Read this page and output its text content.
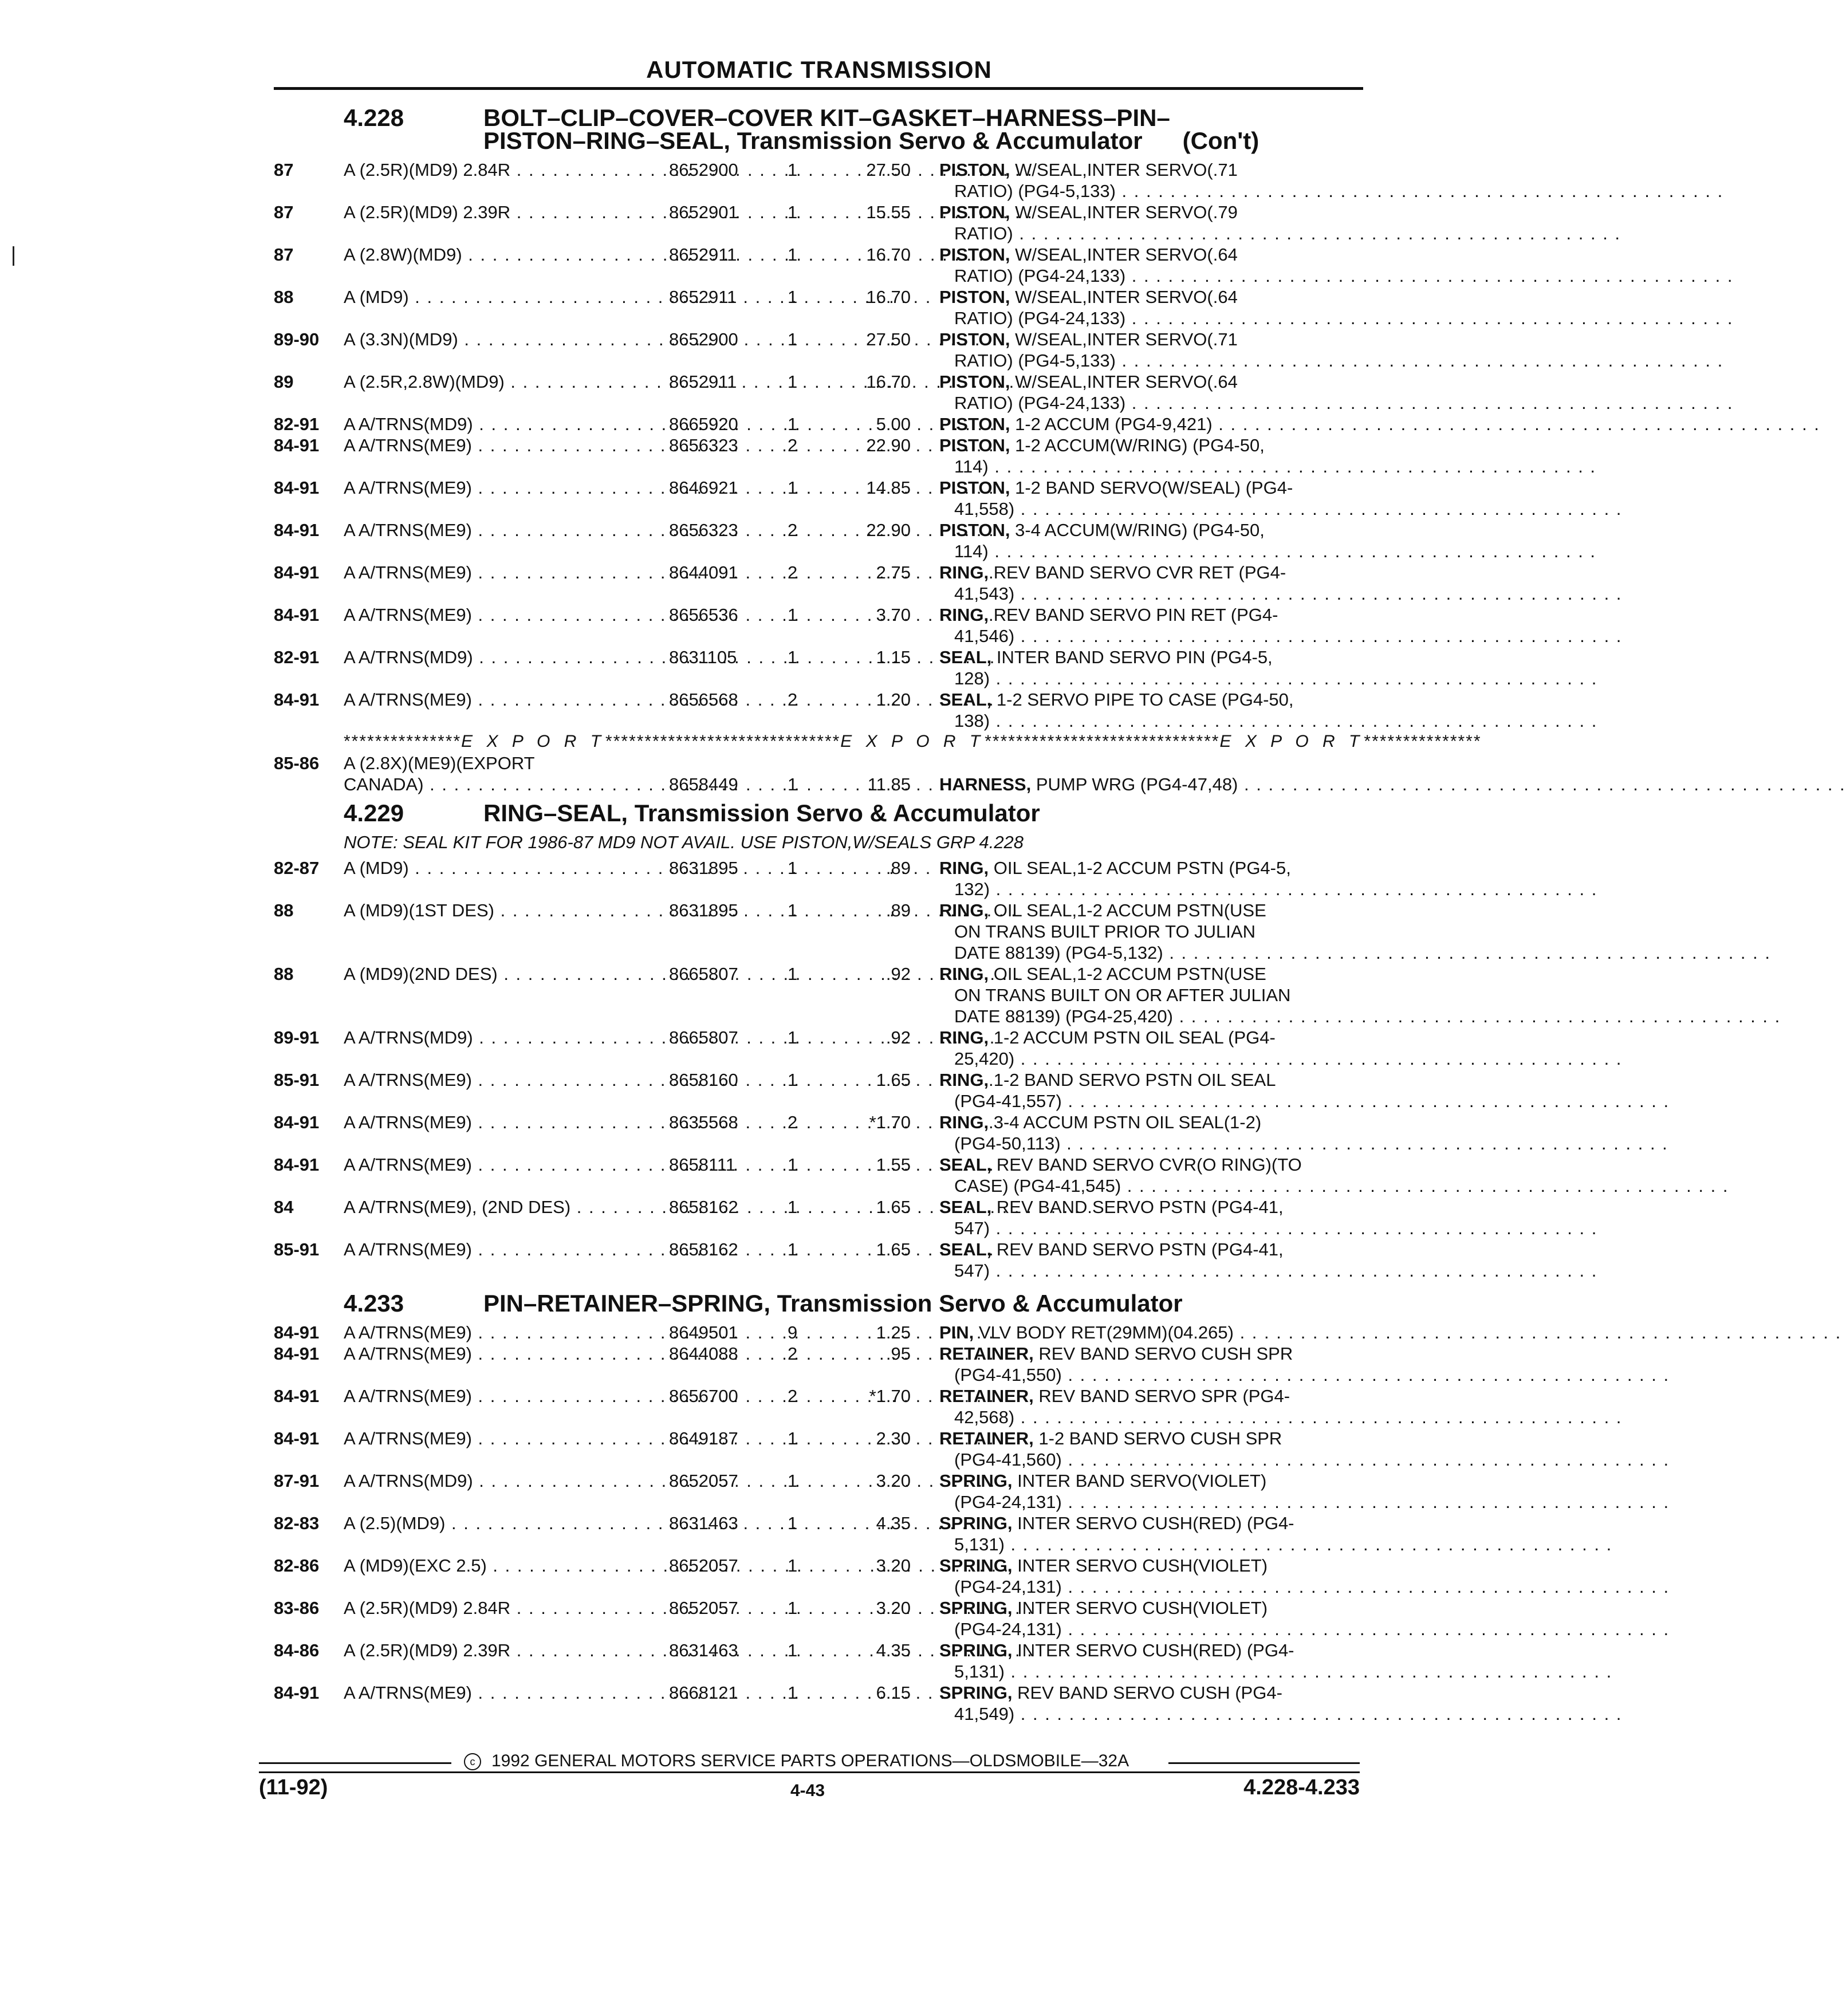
AUTOMATIC TRANSMISSION
4.228	BOLT–CLIP–COVER–COVER KIT–GASKET–HARNESS–PIN–
PISTON–RING–SEAL, Transmission Servo & Accumulator (Con't)
4.229	RING–SEAL, Transmission Servo & Accumulator
NOTE: SEAL KIT FOR 1986-87 MD9 NOT AVAIL. USE PISTON,W/SEALS GRP 4.228
4.233	PIN–RETAINER–SPRING, Transmission Servo & Accumulator
***************E X P O R T******************************E X P O R T******************************E X P O R T***************
87	A (2.5R)(MD9) 2.84R . . .	8652900	1	27.50 PISTON, W/SEAL,INTER SERVO(.71
RATIO) (PG4-5,133) . . .
87	A (2.5R)(MD9) 2.39R . . .	8652901	1	15.55 PISTON, W/SEAL,INTER SERVO(.79
RATIO) . . .
87	A (2.8W)(MD9) . . .	8652911	1	16.70 PISTON, W/SEAL,INTER SERVO(.64
RATIO) (PG4-24,133) . . .
88	A (MD9) . . .	8652911	1	16.70 PISTON, W/SEAL,INTER SERVO(.64
RATIO) (PG4-24,133) . . .
89-90 A (3.3N)(MD9) . . .	8652900	1	27.50 PISTON, W/SEAL,INTER SERVO(.71
RATIO) (PG4-5,133) . . .
89	A (2.5R,2.8W)(MD9) . . .	8652911	1	16.70 PISTON, W/SEAL,INTER SERVO(.64
RATIO) (PG4-24,133) . . .
82-91 A A/TRNS(MD9) . . .	8665920	1	5.00 PISTON, 1-2 ACCUM (PG4-9,421) . . .
84-91 A A/TRNS(ME9) . . .	8656323	2	22.90 PISTON, 1-2 ACCUM(W/RING) (PG4-50,
114) . . .
84-91 A A/TRNS(ME9) . . .	8646921	1	14.85 PISTON, 1-2 BAND SERVO(W/SEAL) (PG4-
41,558) . . .
84-91 A A/TRNS(ME9) . . .	8656323	2	22.90 PISTON, 3-4 ACCUM(W/RING) (PG4-50,
114) . . .
84-91 A A/TRNS(ME9) . . .	8644091	2	2.75 RING, REV BAND SERVO CVR RET (PG4-
41,543) . . .
84-91 A A/TRNS(ME9) . . .	8656536	1	3.70 RING, REV BAND SERVO PIN RET (PG4-
41,546) . . .
82-91 A A/TRNS(MD9) . . .	8631105	1	1.15 SEAL, INTER BAND SERVO PIN (PG4-5,
128) . . .
84-91 A A/TRNS(ME9) . . .	8656568	2	1.20 SEAL, 1-2 SERVO PIPE TO CASE (PG4-50,
138) . . .
85-86 A (2.8X)(ME9)(EXPORT
CANADA) . . .	8658449	1	11.85 HARNESS, PUMP WRG (PG4-47,48) . . .
82-87 A (MD9) . . .	8631895	1	.89 RING, OIL SEAL,1-2 ACCUM PSTN (PG4-5,
132) . . .
88	A (MD9)(1ST DES) . . .	8631895	1	.89 RING, OIL SEAL,1-2 ACCUM PSTN(USE
ON TRANS BUILT PRIOR TO JULIAN
DATE 88139) (PG4-5,132) . . .
88	A (MD9)(2ND DES) . . .	8665807	1	.92 RING, OIL SEAL,1-2 ACCUM PSTN(USE
ON TRANS BUILT ON OR AFTER JULIAN
DATE 88139) (PG4-25,420) . . .
89-91 A A/TRNS(MD9) . . .	8665807	1	.92 RING, 1-2 ACCUM PSTN OIL SEAL (PG4-
25,420) . . .
85-91 A A/TRNS(ME9) . . .	8658160	1	1.65 RING, 1-2 BAND SERVO PSTN OIL SEAL
(PG4-41,557) . . .
84-91 A A/TRNS(ME9) . . .	8635568	2	*1.70 RING, 3-4 ACCUM PSTN OIL SEAL(1-2)
(PG4-50,113) . . .
84-91 A A/TRNS(ME9) . . .	8658111	1	1.55 SEAL, REV BAND SERVO CVR(O RING)(TO
CASE) (PG4-41,545) . . .
84	A A/TRNS(ME9), (2ND DES) . . .	8658162	1	1.65 SEAL, REV BAND SERVO PSTN (PG4-41,
547) . . .
85-91 A A/TRNS(ME9) . . .	8658162	1	1.65 SEAL, REV BAND SERVO PSTN (PG4-41,
547) . . .
84-91 A A/TRNS(ME9) . . .	8649501	9	1.25 PIN, VLV BODY RET(29MM)(04.265) . . .
84-91 A A/TRNS(ME9) . . .	8644088	2	.95 RETAINER, REV BAND SERVO CUSH SPR
(PG4-41,550) . . .
84-91 A A/TRNS(ME9) . . .	8656700	2	*1.70 RETAINER, REV BAND SERVO SPR (PG4-
42,568) . . .
84-91 A A/TRNS(ME9) . . .	8649187	1	2.30 RETAINER, 1-2 BAND SERVO CUSH SPR
(PG4-41,560) . . .
87-91 A A/TRNS(MD9) . . .	8652057	1	3.20 SPRING, INTER BAND SERVO(VIOLET)
(PG4-24,131) . . .
82-83 A (2.5)(MD9) . . .	8631463	1	4.35 SPRING, INTER SERVO CUSH(RED) (PG4-
5,131) . . .
82-86 A (MD9)(EXC 2.5) . . .	8652057	1	3.20 SPRING, INTER SERVO CUSH(VIOLET)
(PG4-24,131) . . .
83-86 A (2.5R)(MD9) 2.84R . . .	8652057	1	3.20 SPRING, INTER SERVO CUSH(VIOLET)
(PG4-24,131) . . .
84-86 A (2.5R)(MD9) 2.39R . . .	8631463	1	4.35 SPRING, INTER SERVO CUSH(RED) (PG4-
5,131) . . .
84-91 A A/TRNS(ME9) . . .	8668121	1	6.15 SPRING, REV BAND SERVO CUSH (PG4-
41,549) . . .
c 1992 GENERAL MOTORS SERVICE PARTS OPERATIONS—OLDSMOBILE—32A
(11-92)	4-43	4.228-4.233
